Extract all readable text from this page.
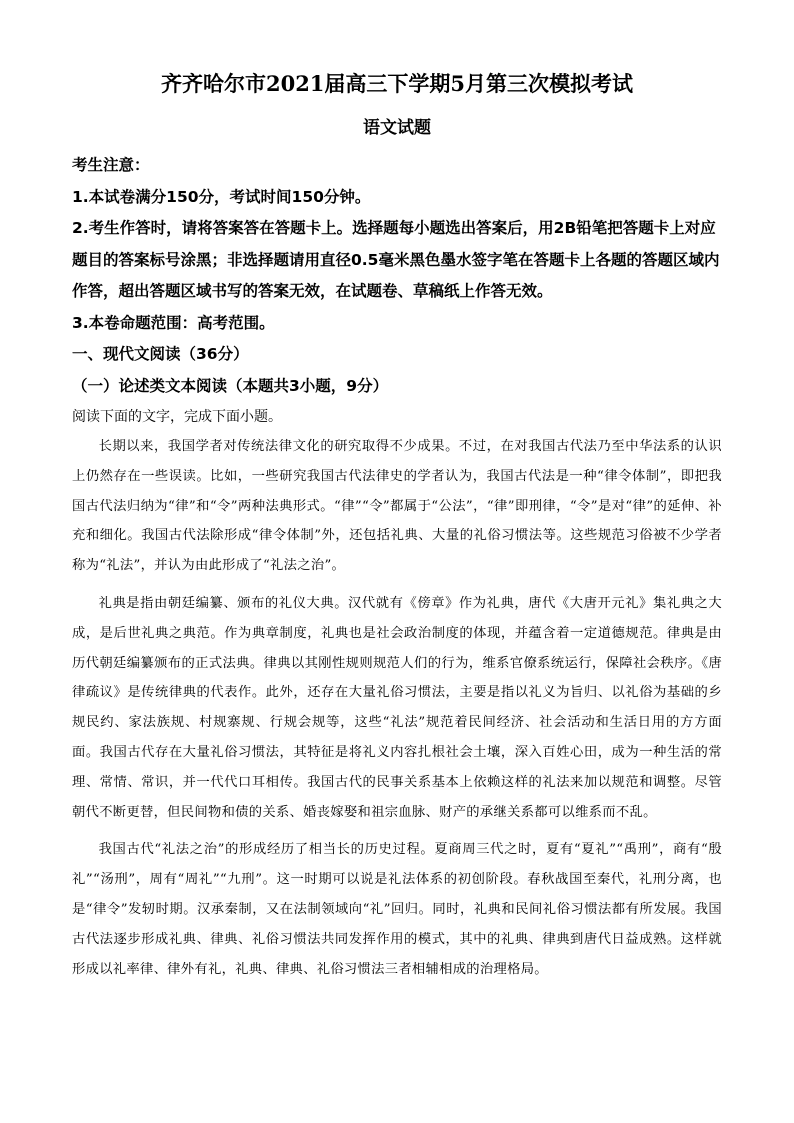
齐齐哈尔市2021届高三下学期5月第三次模拟考试
语文试题

考生注意：

1.本试卷满分150分，考试时间150分钟。

2.考生作答时，请将答案答在答题卡上。选择题每小题选出答案后，用2B铅笔把答题卡上对应题目的答案标号涂黑；非选择题请用直径0.5毫米黑色墨水签字笔在答题卡上各题的答题区域内作答，超出答题区域书写的答案无效，在试题卷、草稿纸上作答无效。

3.本卷命题范围：高考范围。

一、现代文阅读（36分）

（一）论述类文本阅读（本题共3小题，9分）

阅读下面的文字，完成下面小题。

长期以来，我国学者对传统法律文化的研究取得不少成果。不过，在对我国古代法乃至中华法系的认识上仍然存在一些误读。比如，一些研究我国古代法律史的学者认为，我国古代法是一种“律令体制”，即把我国古代法归纳为“律”和“令”两种法典形式。“律”“令”都属于“公法”，“律”即刑律，“令”是对“律”的延伸、补充和细化。我国古代法除形成“律令体制”外，还包括礼典、大量的礼俗习惯法等。这些规范习俗被不少学者称为“礼法”，并认为由此形成了“礼法之治”。

礼典是指由朝廷编纂、颁布的礼仪大典。汉代就有《傍章》作为礼典，唐代《大唐开元礼》集礼典之大成，是后世礼典之典范。作为典章制度，礼典也是社会政治制度的体现，并蕴含着一定道德规范。律典是由历代朝廷编纂颁布的正式法典。律典以其刚性规则规范人们的行为，维系官僚系统运行，保障社会秩序。《唐律疏议》是传统律典的代表作。此外，还存在大量礼俗习惯法，主要是指以礼义为旨归、以礼俗为基础的乡规民约、家法族规、村规寨规、行规会规等，这些“礼法”规范着民间经济、社会活动和生活日用的方方面面。我国古代存在大量礼俗习惯法，其特征是将礼义内容扎根社会土壤，深入百姓心田，成为一种生活的常理、常情、常识，并一代代口耳相传。我国古代的民事关系基本上依赖这样的礼法来加以规范和调整。尽管朝代不断更替，但民间物和债的关系、婚丧嫁娶和祖宗血脉、财产的承继关系都可以维系而不乱。

我国古代“礼法之治”的形成经历了相当长的历史过程。夏商周三代之时，夏有“夏礼”“禹刑”，商有“殷礼”“汤刑”，周有“周礼”“九刑”。这一时期可以说是礼法体系的初创阶段。春秋战国至秦代，礼刑分离，也是“律令”发轫时期。汉承秦制，又在法制领域向“礼”回归。同时，礼典和民间礼俗习惯法都有所发展。我国古代法逐步形成礼典、律典、礼俗习惯法共同发挥作用的模式，其中的礼典、律典到唐代日益成熟。这样就形成以礼率律、律外有礼，礼典、律典、礼俗习惯法三者相辅相成的治理格局。
